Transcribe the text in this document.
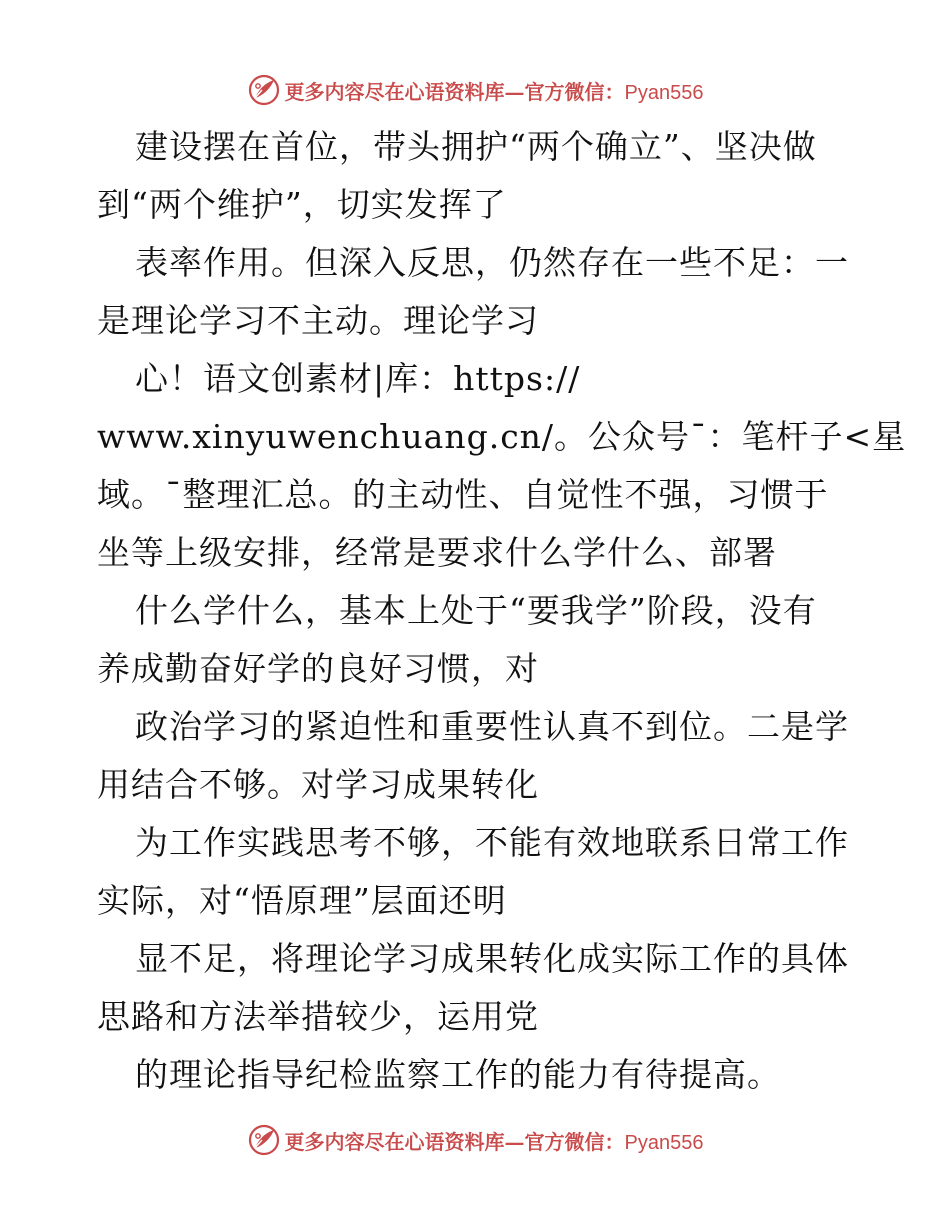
更多内容尽在心语资料库—官方微信：Pyan556
建设摆在首位，带头拥护“两个确立”、坚决做
到“两个维护”，切实发挥了
表率作用。但深入反思，仍然存在一些不足：一
是理论学习不主动。理论学习
心！语文创素材|库：https://
www.xinyuwenchuang.cn/。公众号¯：笔杆子<星
域。¯整理汇总。的主动性、自觉性不强，习惯于
坐等上级安排，经常是要求什么学什么、部署
什么学什么，基本上处于“要我学”阶段，没有
养成勤奋好学的良好习惯，对
政治学习的紧迫性和重要性认真不到位。二是学
用结合不够。对学习成果转化
为工作实践思考不够，不能有效地联系日常工作
实际，对“悟原理”层面还明
显不足，将理论学习成果转化成实际工作的具体
思路和方法举措较少，运用党
的理论指导纪检监察工作的能力有待提高。
更多内容尽在心语资料库—官方微信：Pyan556
